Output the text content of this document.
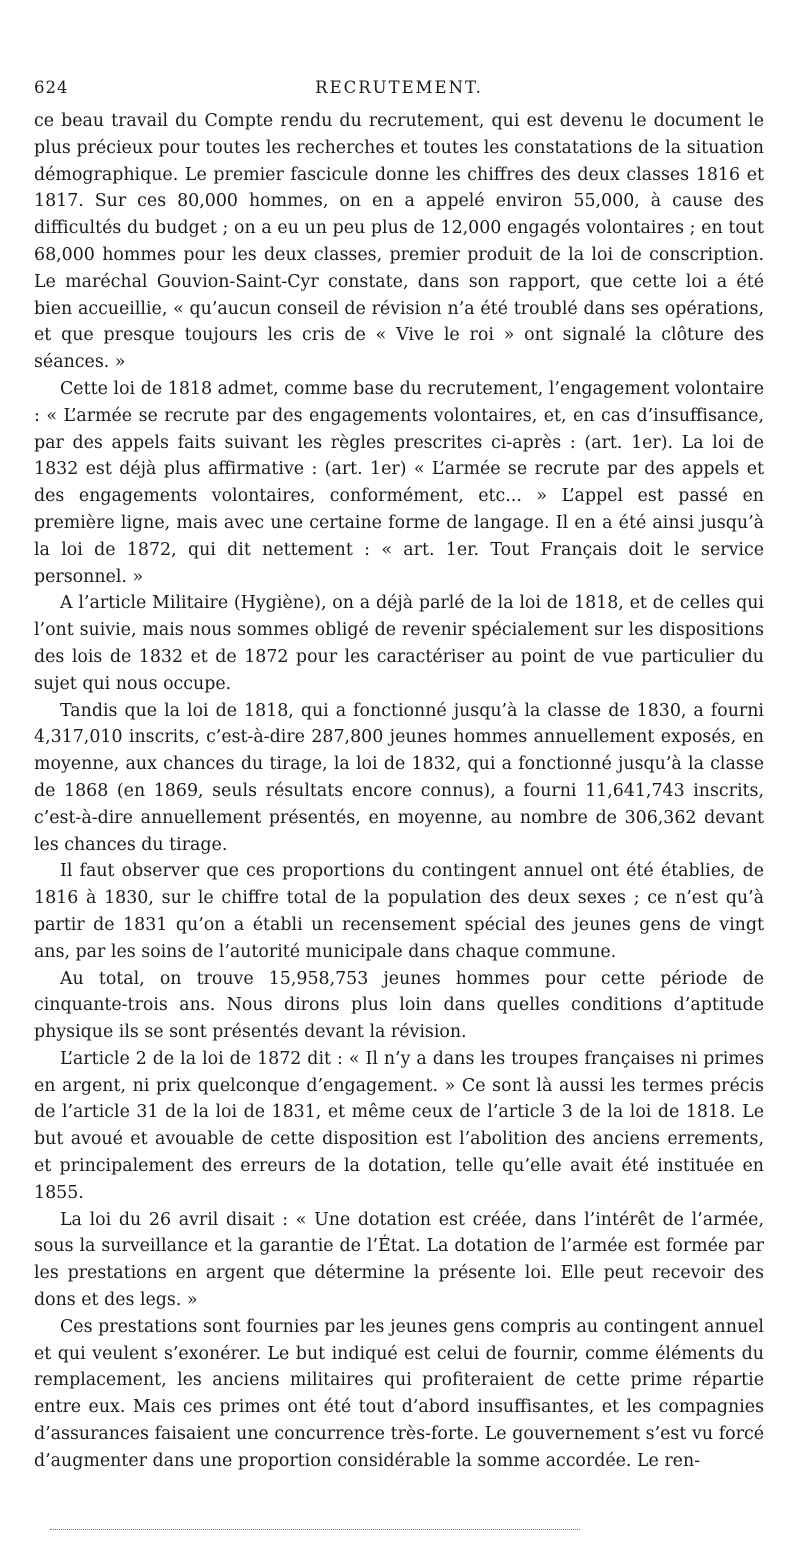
624	RECRUTEMENT.

ce beau travail du Compte rendu du recrutement, qui est devenu le document le plus précieux pour toutes les recherches et toutes les constatations de la situation démographique. Le premier fascicule donne les chiffres des deux classes 1816 et 1817. Sur ces 80,000 hommes, on en a appelé environ 55,000, à cause des difficultés du budget ; on a eu un peu plus de 12,000 engagés volontaires ; en tout 68,000 hommes pour les deux classes, premier produit de la loi de conscription. Le maréchal Gouvion-Saint-Cyr constate, dans son rapport, que cette loi a été bien accueillie, « qu’aucun conseil de révision n’a été troublé dans ses opérations, et que presque toujours les cris de « Vive le roi » ont signalé la clôture des séances. »

Cette loi de 1818 admet, comme base du recrutement, l’engagement volontaire : « L’armée se recrute par des engagements volontaires, et, en cas d’insuffisance, par des appels faits suivant les règles prescrites ci-après : (art. 1er). La loi de 1832 est déjà plus affirmative : (art. 1er) « L’armée se recrute par des appels et des engagements volontaires, conformément, etc... » L’appel est passé en première ligne, mais avec une certaine forme de langage. Il en a été ainsi jusqu’à la loi de 1872, qui dit nettement : « art. 1er. Tout Français doit le service personnel. »

A l’article Militaire (Hygiène), on a déjà parlé de la loi de 1818, et de celles qui l’ont suivie, mais nous sommes obligé de revenir spécialement sur les dispositions des lois de 1832 et de 1872 pour les caractériser au point de vue particulier du sujet qui nous occupe.

Tandis que la loi de 1818, qui a fonctionné jusqu’à la classe de 1830, a fourni 4,317,010 inscrits, c’est-à-dire 287,800 jeunes hommes annuellement exposés, en moyenne, aux chances du tirage, la loi de 1832, qui a fonctionné jusqu’à la classe de 1868 (en 1869, seuls résultats encore connus), a fourni 11,641,743 inscrits, c’est-à-dire annuellement présentés, en moyenne, au nombre de 306,362 devant les chances du tirage.

Il faut observer que ces proportions du contingent annuel ont été établies, de 1816 à 1830, sur le chiffre total de la population des deux sexes ; ce n’est qu’à partir de 1831 qu’on a établi un recensement spécial des jeunes gens de vingt ans, par les soins de l’autorité municipale dans chaque commune.

Au total, on trouve 15,958,753 jeunes hommes pour cette période de cinquante-trois ans. Nous dirons plus loin dans quelles conditions d’aptitude physique ils se sont présentés devant la révision.

L’article 2 de la loi de 1872 dit : « Il n’y a dans les troupes françaises ni primes en argent, ni prix quelconque d’engagement. » Ce sont là aussi les termes précis de l’article 31 de la loi de 1831, et même ceux de l’article 3 de la loi de 1818. Le but avoué et avouable de cette disposition est l’abolition des anciens errements, et principalement des erreurs de la dotation, telle qu’elle avait été instituée en 1855.

La loi du 26 avril disait : « Une dotation est créée, dans l’intérêt de l’armée, sous la surveillance et la garantie de l’État. La dotation de l’armée est formée par les prestations en argent que détermine la présente loi. Elle peut recevoir des dons et des legs. »

Ces prestations sont fournies par les jeunes gens compris au contingent annuel et qui veulent s’exonérer. Le but indiqué est celui de fournir, comme éléments du remplacement, les anciens militaires qui profiteraient de cette prime répartie entre eux. Mais ces primes ont été tout d’abord insuffisantes, et les compagnies d’assurances faisaient une concurrence très-forte. Le gouvernement s’est vu forcé d’augmenter dans une proportion considérable la somme accordée. Le ren-
